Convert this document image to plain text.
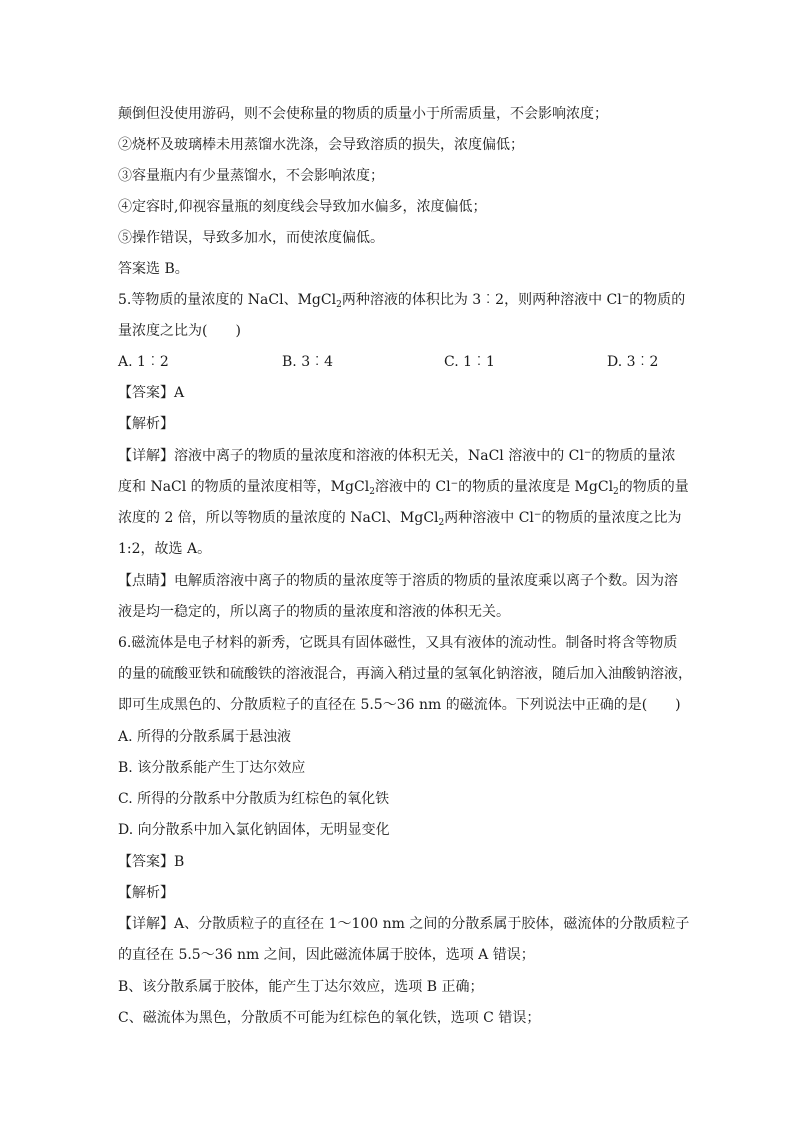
颠倒但没使用游码，则不会使称量的物质的质量小于所需质量，不会影响浓度；
②烧杯及玻璃棒未用蒸馏水洗涤，会导致溶质的损失，浓度偏低；
③容量瓶内有少量蒸馏水，不会影响浓度；
④定容时,仰视容量瓶的刻度线会导致加水偏多，浓度偏低；
⑤操作错误，导致多加水，而使浓度偏低。
答案选 B。
5.等物质的量浓度的 NaCl、MgCl$_2$两种溶液的体积比为 3︰2，则两种溶液中 Cl−的物质的
量浓度之比为(　　)
A. 1︰2	B. 3︰4	C. 1︰1	D. 3︰2
【答案】A
【解析】
【详解】溶液中离子的物质的量浓度和溶液的体积无关，NaCl 溶液中的 Cl−的物质的量浓
度和 NaCl 的物质的量浓度相等，MgCl$_2$溶液中的 Cl−的物质的量浓度是 MgCl$_2$的物质的量
浓度的 2 倍，所以等物质的量浓度的 NaCl、MgCl$_2$两种溶液中 Cl−的物质的量浓度之比为
1:2，故选 A。
【点睛】电解质溶液中离子的物质的量浓度等于溶质的物质的量浓度乘以离子个数。因为溶
液是均一稳定的，所以离子的物质的量浓度和溶液的体积无关。
6.磁流体是电子材料的新秀，它既具有固体磁性，又具有液体的流动性。制备时将含等物质
的量的硫酸亚铁和硫酸铁的溶液混合，再滴入稍过量的氢氧化钠溶液，随后加入油酸钠溶液，
即可生成黑色的、分散质粒子的直径在 5.5～36 nm 的磁流体。下列说法中正确的是(　　)
A. 所得的分散系属于悬浊液
B. 该分散系能产生丁达尔效应
C. 所得的分散系中分散质为红棕色的氧化铁
D. 向分散系中加入氯化钠固体，无明显变化
【答案】B
【解析】
【详解】A、分散质粒子的直径在 1～100 nm 之间的分散系属于胶体，磁流体的分散质粒子
的直径在 5.5～36 nm 之间，因此磁流体属于胶体，选项 A 错误；
B、该分散系属于胶体，能产生丁达尔效应，选项 B 正确；
C、磁流体为黑色，分散质不可能为红棕色的氧化铁，选项 C 错误；
